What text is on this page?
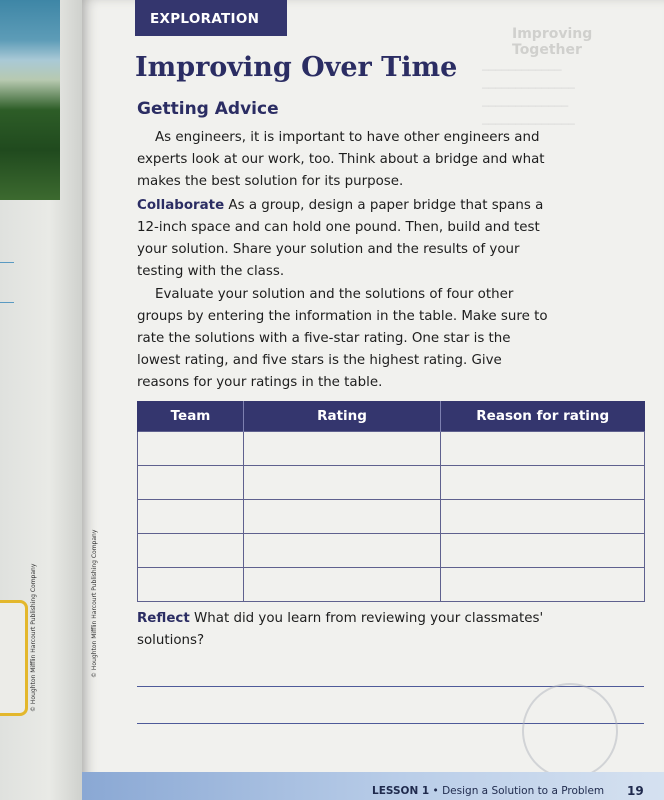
© Houghton Mifflin Harcourt Publishing Company
Improving Together
────────────
──────────────
─────────────
──────────────
EXPLORATION
Improving Over Time
Getting Advice

As engineers, it is important to have other engineers and experts look at our work, too. Think about a bridge and what makes the best solution for its purpose.

Collaborate As a group, design a paper bridge that spans a 12-inch space and can hold one pound. Then, build and test your solution. Share your solution and the results of your testing with the class.

Evaluate your solution and the solutions of four other groups by entering the information in the table. Make sure to rate the solutions with a five-star rating. One star is the lowest rating, and five stars is the highest rating. Give reasons for your ratings in the table.

Team	Rating	Reason for rating

Reflect What did you learn from reviewing your classmates' solutions?

© Houghton Mifflin Harcourt Publishing Company
LESSON 1 • Design a Solution to a Problem 19
